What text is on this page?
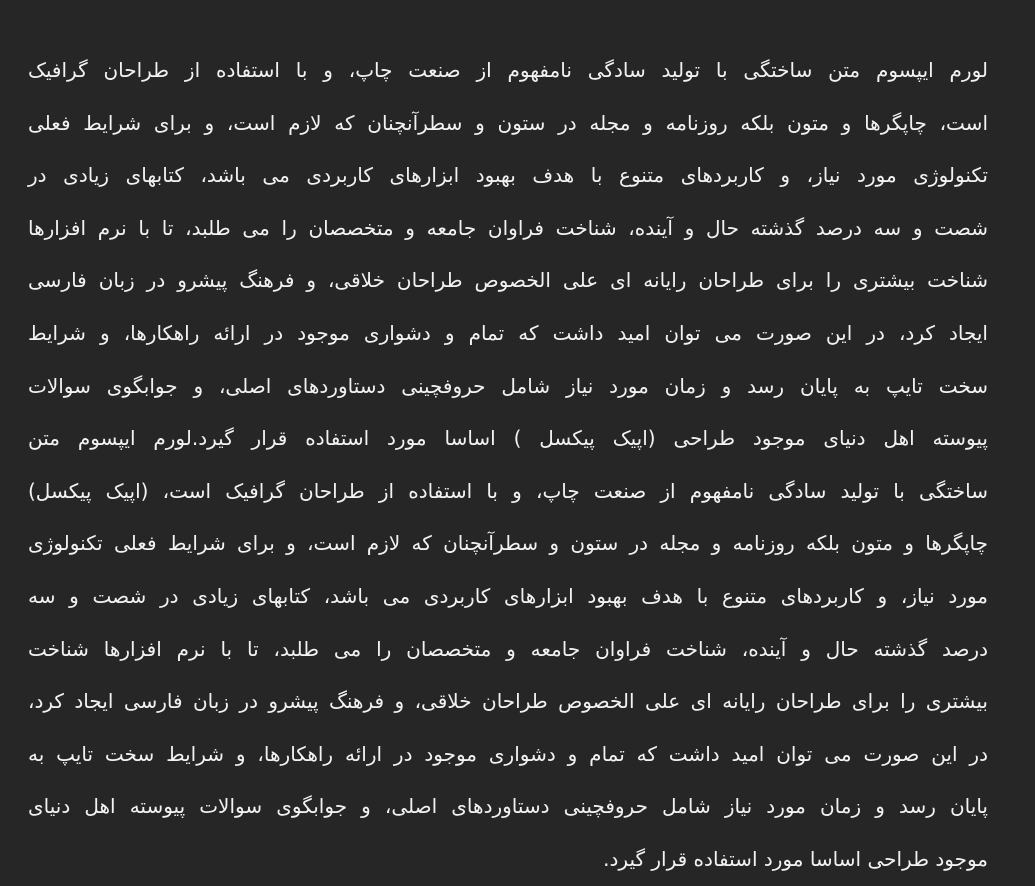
لورم ایپسوم متن ساختگی با تولید سادگی نامفهوم از صنعت چاپ، و با استفاده از طراحان گرافیک
است، چاپگرها و متون بلکه روزنامه و مجله در ستون و سطرآنچنان که لازم است، و برای شرایط فعلی
تکنولوژی مورد نیاز، و کاربردهای متنوع با هدف بهبود ابزارهای کاربردی می باشد، کتابهای زیادی در
شصت و سه درصد گذشته حال و آینده، شناخت فراوان جامعه و متخصصان را می طلبد، تا با نرم افزارها
شناخت بیشتری را برای طراحان رایانه ای علی الخصوص طراحان خلاقی، و فرهنگ پیشرو در زبان فارسی
ایجاد کرد، در این صورت می توان امید داشت که تمام و دشواری موجود در ارائه راهکارها، و شرایط
سخت تایپ به پایان رسد و زمان مورد نیاز شامل حروفچینی دستاوردهای اصلی، و جوابگوی سوالات
پیوسته اهل دنیای موجود طراحی (اپیک پیکسل ) اساسا مورد استفاده قرار گیرد.لورم ایپسوم متن
ساختگی با تولید سادگی نامفهوم از صنعت چاپ، و با استفاده از طراحان گرافیک است، (اپیک پیکسل)
چاپگرها و متون بلکه روزنامه و مجله در ستون و سطرآنچنان که لازم است، و برای شرایط فعلی تکنولوژی
مورد نیاز، و کاربردهای متنوع با هدف بهبود ابزارهای کاربردی می باشد، کتابهای زیادی در شصت و سه
درصد گذشته حال و آینده، شناخت فراوان جامعه و متخصصان را می طلبد، تا با نرم افزارها شناخت
بیشتری را برای طراحان رایانه ای علی الخصوص طراحان خلاقی، و فرهنگ پیشرو در زبان فارسی ایجاد کرد،
در این صورت می توان امید داشت که تمام و دشواری موجود در ارائه راهکارها، و شرایط سخت تایپ به
پایان رسد و زمان مورد نیاز شامل حروفچینی دستاوردهای اصلی، و جوابگوی سوالات پیوسته اهل دنیای
موجود طراحی اساسا مورد استفاده قرار گیرد.
